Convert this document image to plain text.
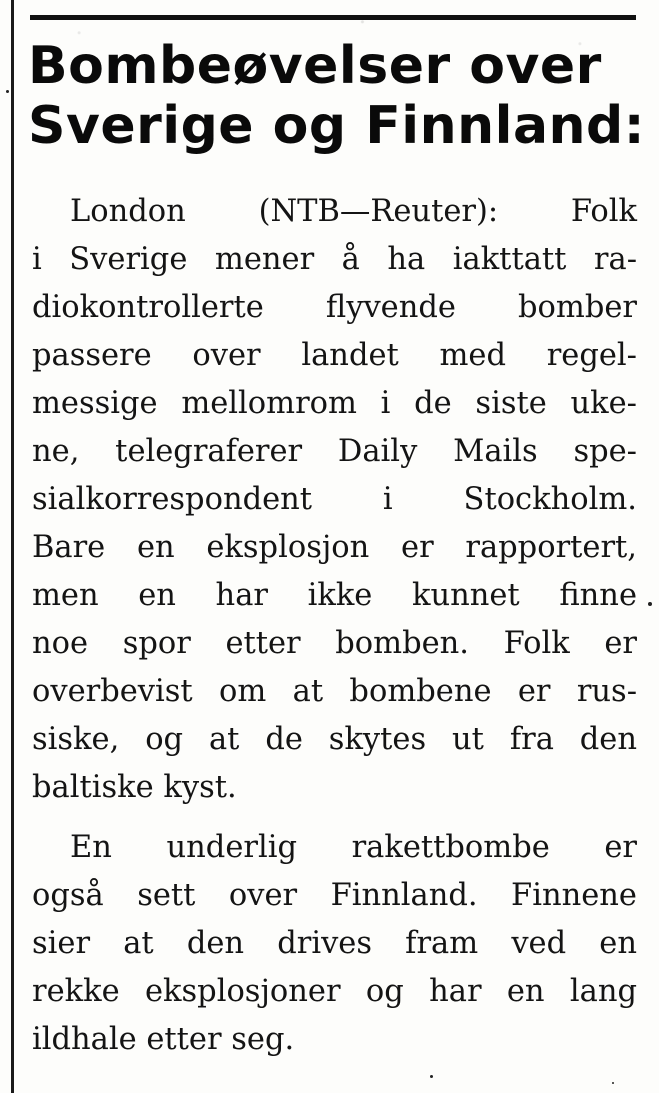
Bombeøvelser over
Sverige og Finnland:

London (NTB—Reuter): Folk
i Sverige mener å ha iakttatt ra-
diokontrollerte flyvende bomber
passere over landet med regel-
messige mellomrom i de siste uke-
ne, telegraferer Daily Mails spe-
sialkorrespondent i Stockholm.
Bare en eksplosjon er rapportert,
men en har ikke kunnet finne
noe spor etter bomben. Folk er
overbevist om at bombene er rus-
siske, og at de skytes ut fra den
baltiske kyst.

En underlig rakettbombe er
også sett over Finnland. Finnene
sier at den drives fram ved en
rekke eksplosjoner og har en lang
ildhale etter seg.
